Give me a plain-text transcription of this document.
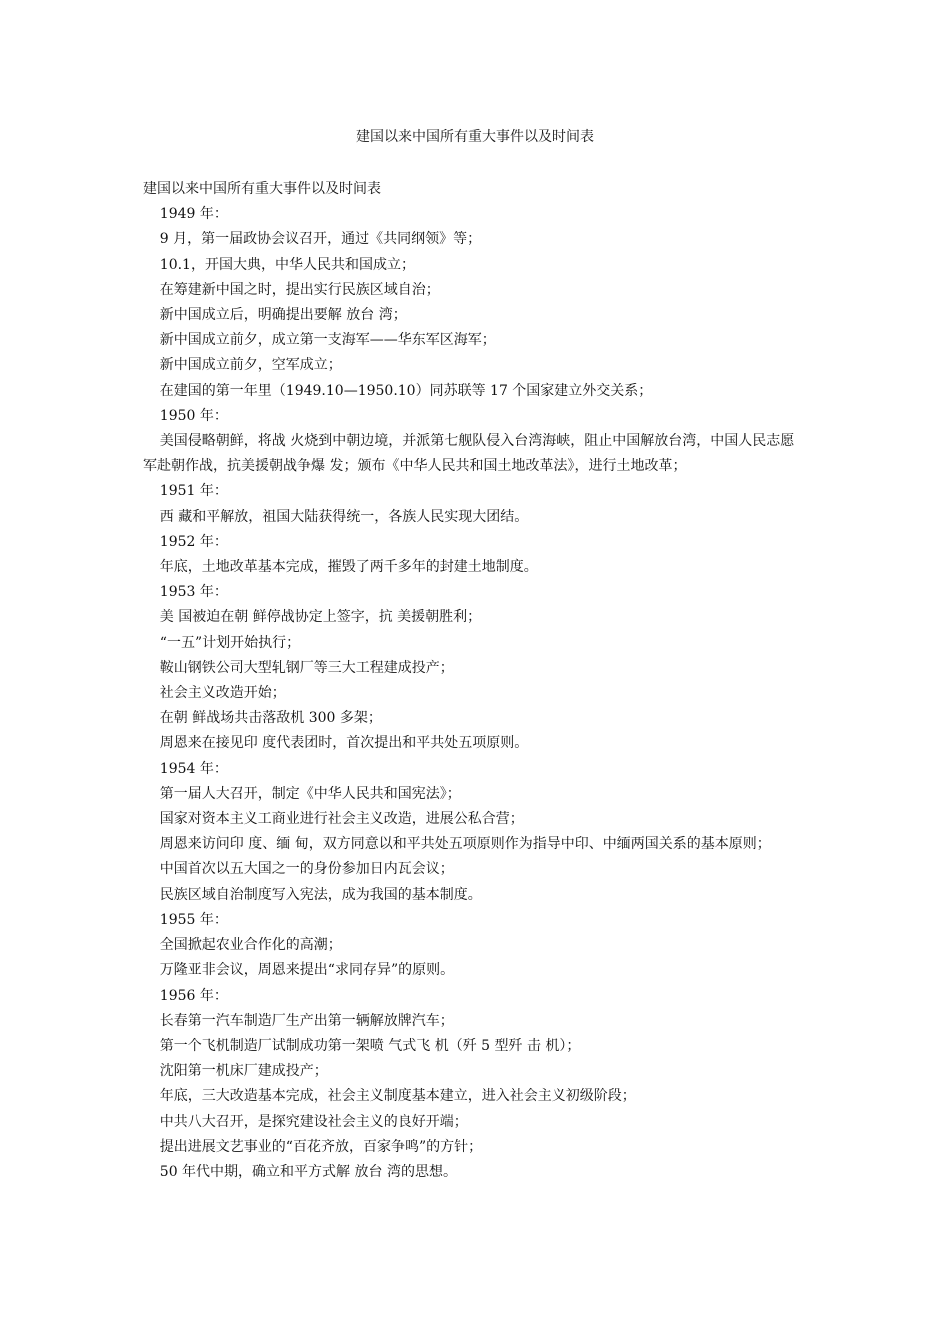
建国以来中国所有重大事件以及时间表

建国以来中国所有重大事件以及时间表

1949 年：

9 月，第一届政协会议召开，通过《共同纲领》等；

10.1，开国大典，中华人民共和国成立；

在筹建新中国之时，提出实行民族区域自治；

新中国成立后，明确提出要解 放台 湾；

新中国成立前夕，成立第一支海军——华东军区海军；

新中国成立前夕，空军成立；

在建国的第一年里（1949.10—1950.10）同苏联等 17 个国家建立外交关系；

1950 年：

美国侵略朝鲜，将战 火烧到中朝边境，并派第七舰队侵入台湾海峡，阻止中国解放台湾，中国人民志愿军赴朝作战，抗美援朝战争爆 发；颁布《中华人民共和国土地改革法》，进行土地改革；

1951 年：

西 藏和平解放，祖国大陆获得统一，各族人民实现大团结。

1952 年：

年底，土地改革基本完成，摧毁了两千多年的封建土地制度。

1953 年：

美 国被迫在朝 鲜停战协定上签字，抗 美援朝胜利；

“一五”计划开始执行；

鞍山钢铁公司大型轧钢厂等三大工程建成投产；

社会主义改造开始；

在朝 鲜战场共击落敌机 300 多架；

周恩来在接见印 度代表团时，首次提出和平共处五项原则。

1954 年：

第一届人大召开，制定《中华人民共和国宪法》；

国家对资本主义工商业进行社会主义改造，进展公私合营；

周恩来访问印 度、缅 甸，双方同意以和平共处五项原则作为指导中印、中缅两国关系的基本原则；

中国首次以五大国之一的身份参加日内瓦会议；

民族区域自治制度写入宪法，成为我国的基本制度。

1955 年：

全国掀起农业合作化的高潮；

万隆亚非会议，周恩来提出“求同存异”的原则。

1956 年：

长春第一汽车制造厂生产出第一辆解放牌汽车；

第一个飞机制造厂试制成功第一架喷 气式飞 机（歼 5 型歼 击 机）；

沈阳第一机床厂建成投产；

年底，三大改造基本完成，社会主义制度基本建立，进入社会主义初级阶段；

中共八大召开，是探究建设社会主义的良好开端；

提出进展文艺事业的“百花齐放，百家争鸣”的方针；

50 年代中期，确立和平方式解 放台 湾的思想。
